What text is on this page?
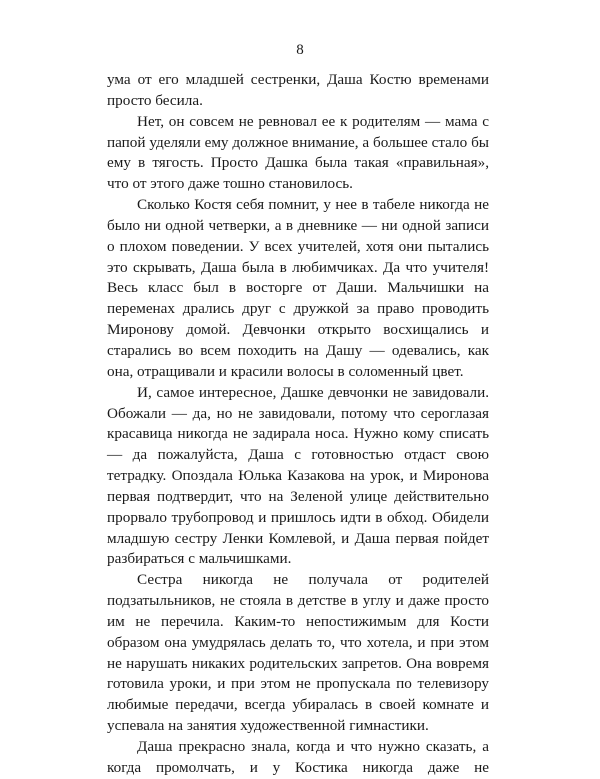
8

ума от его младшей сестренки, Даша Костю временами просто бесила.

Нет, он совсем не ревновал ее к родителям — мама с папой уделяли ему должное внимание, а большее стало бы ему в тягость. Просто Дашка была такая «правильная», что от этого даже тошно становилось.

Сколько Костя себя помнит, у нее в табеле никогда не было ни одной четверки, а в дневнике — ни одной записи о плохом поведении. У всех учителей, хотя они пытались это скрывать, Даша была в любимчиках. Да что учителя! Весь класс был в восторге от Даши. Мальчишки на переменах дрались друг с дружкой за право проводить Миронову домой. Девчонки открыто восхищались и старались во всем походить на Дашу — одевались, как она, отращивали и красили волосы в соломенный цвет.

И, самое интересное, Дашке девчонки не завидовали. Обожали — да, но не завидовали, потому что сероглазая красавица никогда не задирала носа. Нужно кому списать — да пожалуйста, Даша с готовностью отдаст свою тетрадку. Опоздала Юлька Казакова на урок, и Миронова первая подтвердит, что на Зеленой улице действительно прорвало трубопровод и пришлось идти в обход. Обидели младшую сестру Ленки Комлевой, и Даша первая пойдет разбираться с мальчишками.

Сестра никогда не получала от родителей подзатыльников, не стояла в детстве в углу и даже просто им не перечила. Каким-то непостижимым для Кости образом она умудрялась делать то, что хотела, и при этом не нарушать никаких родительских запретов. Она вовремя готовила уроки, и при этом не пропускала по телевизору любимые передачи, всегда убиралась в своей комнате и успевала на занятия художественной гимнастики.

Даша прекрасно знала, когда и что нужно сказать, а когда промолчать, и у Костика никогда даже не
